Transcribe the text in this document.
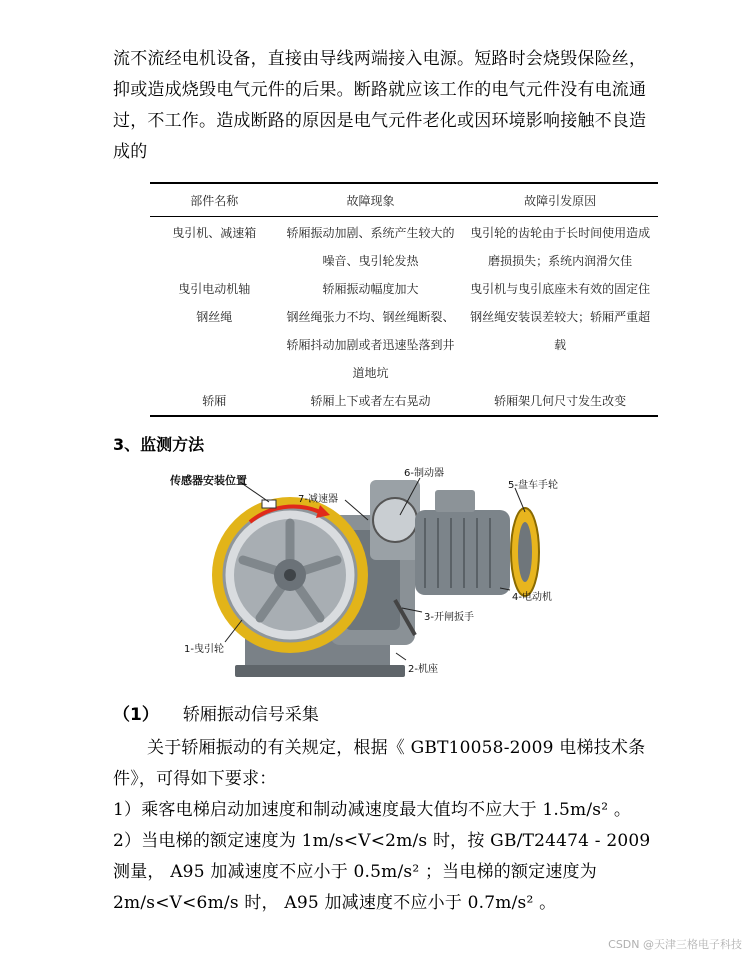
流不流经电机设备，直接由导线两端接入电源。短路时会烧毁保险丝，抑或造成烧毁电气元件的后果。断路就应该工作的电气元件没有电流通过，不工作。造成断路的原因是电气元件老化或因环境影响接触不良造成的
部件名称	故障现象	故障引发原因
曳引机、减速箱	轿厢振动加剧、系统产生较大的噪音、曳引轮发热	曳引轮的齿轮由于长时间使用造成磨损损失；系统内润滑欠佳
曳引电动机轴	轿厢振动幅度加大	曳引机与曳引底座未有效的固定住
钢丝绳	钢丝绳张力不均、钢丝绳断裂、轿厢抖动加剧或者迅速坠落到井道地坑	钢丝绳安装误差较大；轿厢严重超载
轿厢	轿厢上下或者左右晃动	轿厢架几何尺寸发生改变
3、监测方法
传感器安装位置
6-制动器
7-减速器
5-盘车手轮
4-电动机
3-开闸扳手
1-曳引轮
2-机座
（1） 轿厢振动信号采集
关于轿厢振动的有关规定，根据《 GBT10058-2009 电梯技术条件》，可得如下要求：
1）乘客电梯启动加速度和制动减速度最大值均不应大于 1.5m/s² 。
2）当电梯的额定速度为 1m/s<V<2m/s 时，按 GB/T24474 - 2009 测量， A95 加减速度不应小于 0.5m/s² ；当电梯的额定速度为 2m/s<V<6m/s 时， A95 加减速度不应小于 0.7m/s² 。
CSDN @天津三格电子科技
